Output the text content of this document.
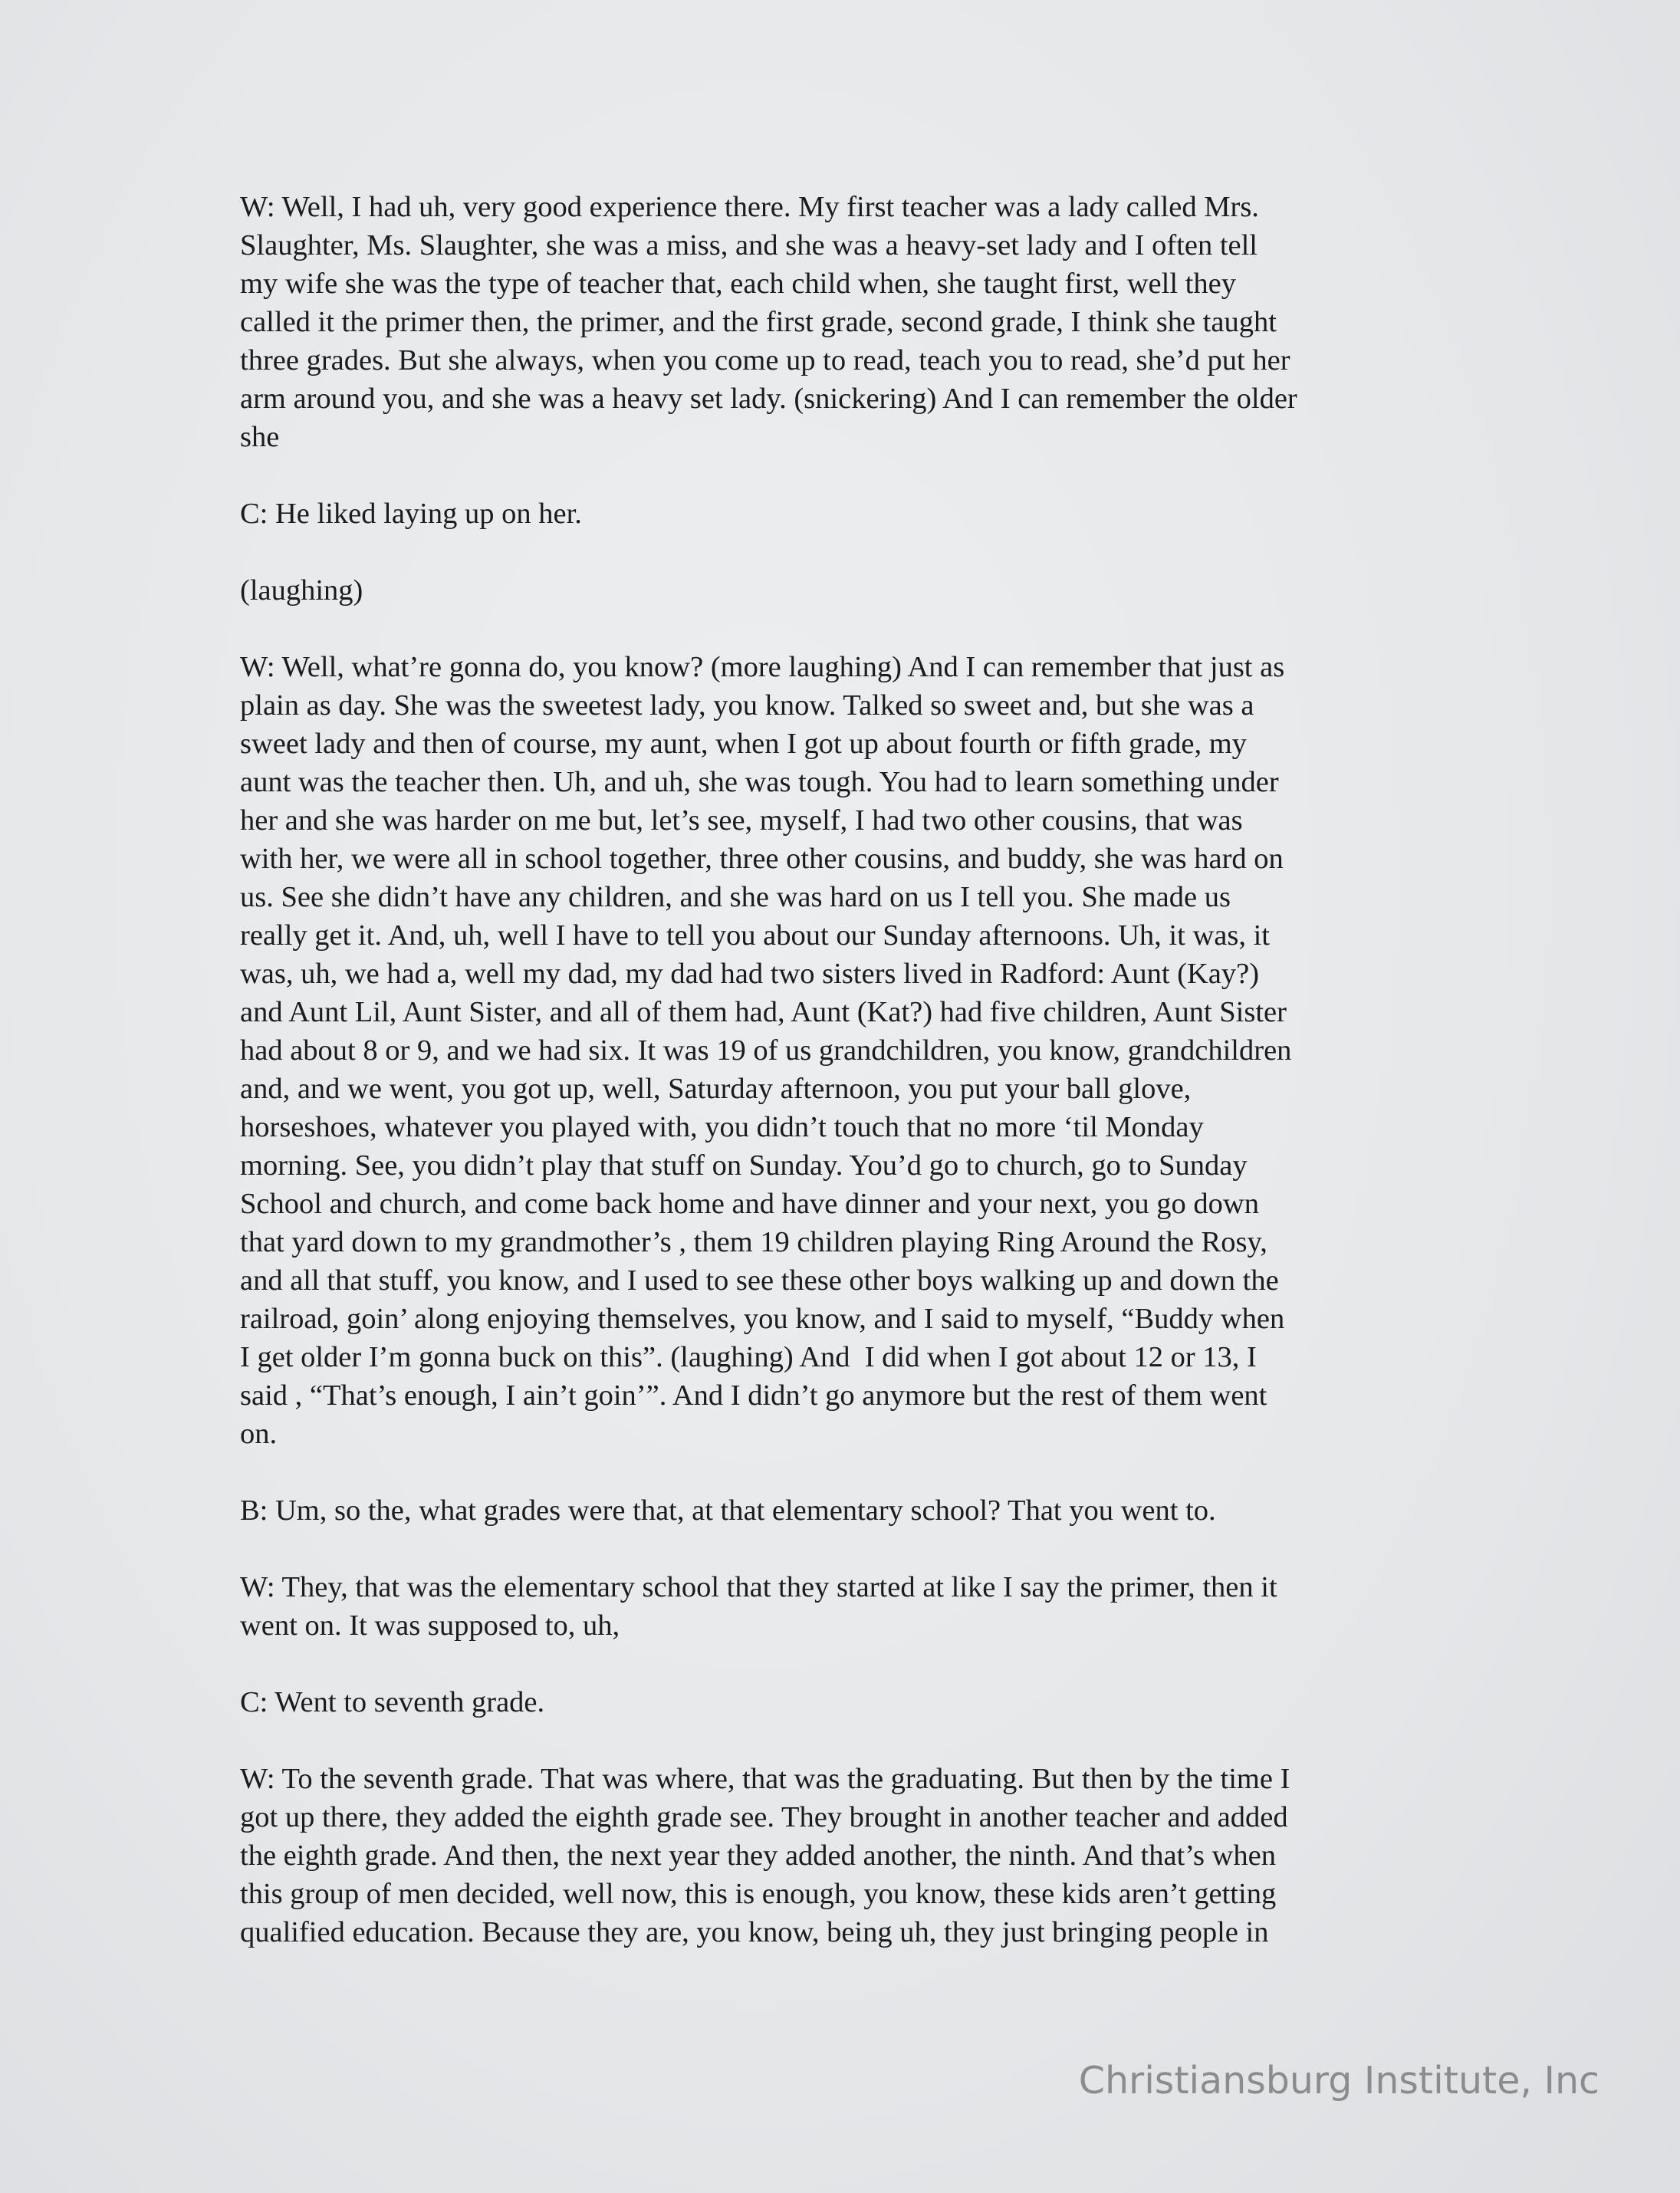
W: Well, I had uh, very good experience there. My first teacher was a lady called Mrs.
Slaughter, Ms. Slaughter, she was a miss, and she was a heavy-set lady and I often tell
my wife she was the type of teacher that, each child when, she taught first, well they
called it the primer then, the primer, and the first grade, second grade, I think she taught
three grades. But she always, when you come up to read, teach you to read, she’d put her
arm around you, and she was a heavy set lady. (snickering) And I can remember the older
she
C: He liked laying up on her.
(laughing)
W: Well, what’re gonna do, you know? (more laughing) And I can remember that just as
plain as day. She was the sweetest lady, you know. Talked so sweet and, but she was a
sweet lady and then of course, my aunt, when I got up about fourth or fifth grade, my
aunt was the teacher then. Uh, and uh, she was tough. You had to learn something under
her and she was harder on me but, let’s see, myself, I had two other cousins, that was
with her, we were all in school together, three other cousins, and buddy, she was hard on
us. See she didn’t have any children, and she was hard on us I tell you. She made us
really get it. And, uh, well I have to tell you about our Sunday afternoons. Uh, it was, it
was, uh, we had a, well my dad, my dad had two sisters lived in Radford: Aunt (Kay?)
and Aunt Lil, Aunt Sister, and all of them had, Aunt (Kat?) had five children, Aunt Sister
had about 8 or 9, and we had six. It was 19 of us grandchildren, you know, grandchildren
and, and we went, you got up, well, Saturday afternoon, you put your ball glove,
horseshoes, whatever you played with, you didn’t touch that no more ‘til Monday
morning. See, you didn’t play that stuff on Sunday. You’d go to church, go to Sunday
School and church, and come back home and have dinner and your next, you go down
that yard down to my grandmother’s , them 19 children playing Ring Around the Rosy,
and all that stuff, you know, and I used to see these other boys walking up and down the
railroad, goin’ along enjoying themselves, you know, and I said to myself, “Buddy when
I get older I’m gonna buck on this”. (laughing) And  I did when I got about 12 or 13, I
said , “That’s enough, I ain’t goin’”. And I didn’t go anymore but the rest of them went
on.
B: Um, so the, what grades were that, at that elementary school? That you went to.
W: They, that was the elementary school that they started at like I say the primer, then it
went on. It was supposed to, uh,
C: Went to seventh grade.
W: To the seventh grade. That was where, that was the graduating. But then by the time I
got up there, they added the eighth grade see. They brought in another teacher and added
the eighth grade. And then, the next year they added another, the ninth. And that’s when
this group of men decided, well now, this is enough, you know, these kids aren’t getting
qualified education. Because they are, you know, being uh, they just bringing people in
Christiansburg Institute, Inc
